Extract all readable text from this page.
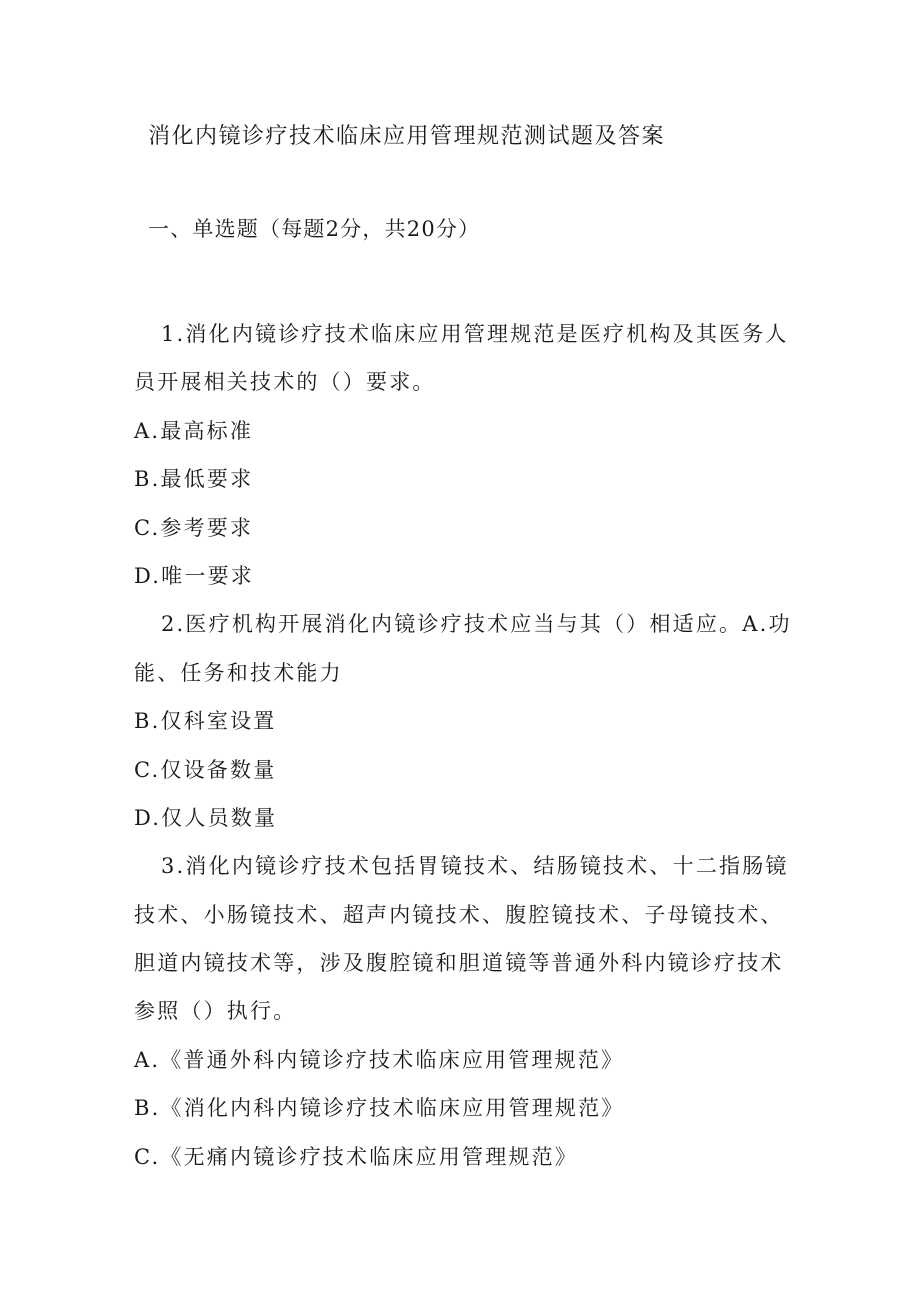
消化内镜诊疗技术临床应用管理规范测试题及答案
一、单选题（每题2分，共20分）
1.消化内镜诊疗技术临床应用管理规范是医疗机构及其医务人
员开展相关技术的（）要求。
A.最高标准
B.最低要求
C.参考要求
D.唯一要求
2.医疗机构开展消化内镜诊疗技术应当与其（）相适应。A.功
能、任务和技术能力
B.仅科室设置
C.仅设备数量
D.仅人员数量
3.消化内镜诊疗技术包括胃镜技术、结肠镜技术、十二指肠镜
技术、小肠镜技术、超声内镜技术、腹腔镜技术、子母镜技术、
胆道内镜技术等，涉及腹腔镜和胆道镜等普通外科内镜诊疗技术
参照（）执行。
A.《普通外科内镜诊疗技术临床应用管理规范》
B.《消化内科内镜诊疗技术临床应用管理规范》
C.《无痛内镜诊疗技术临床应用管理规范》
